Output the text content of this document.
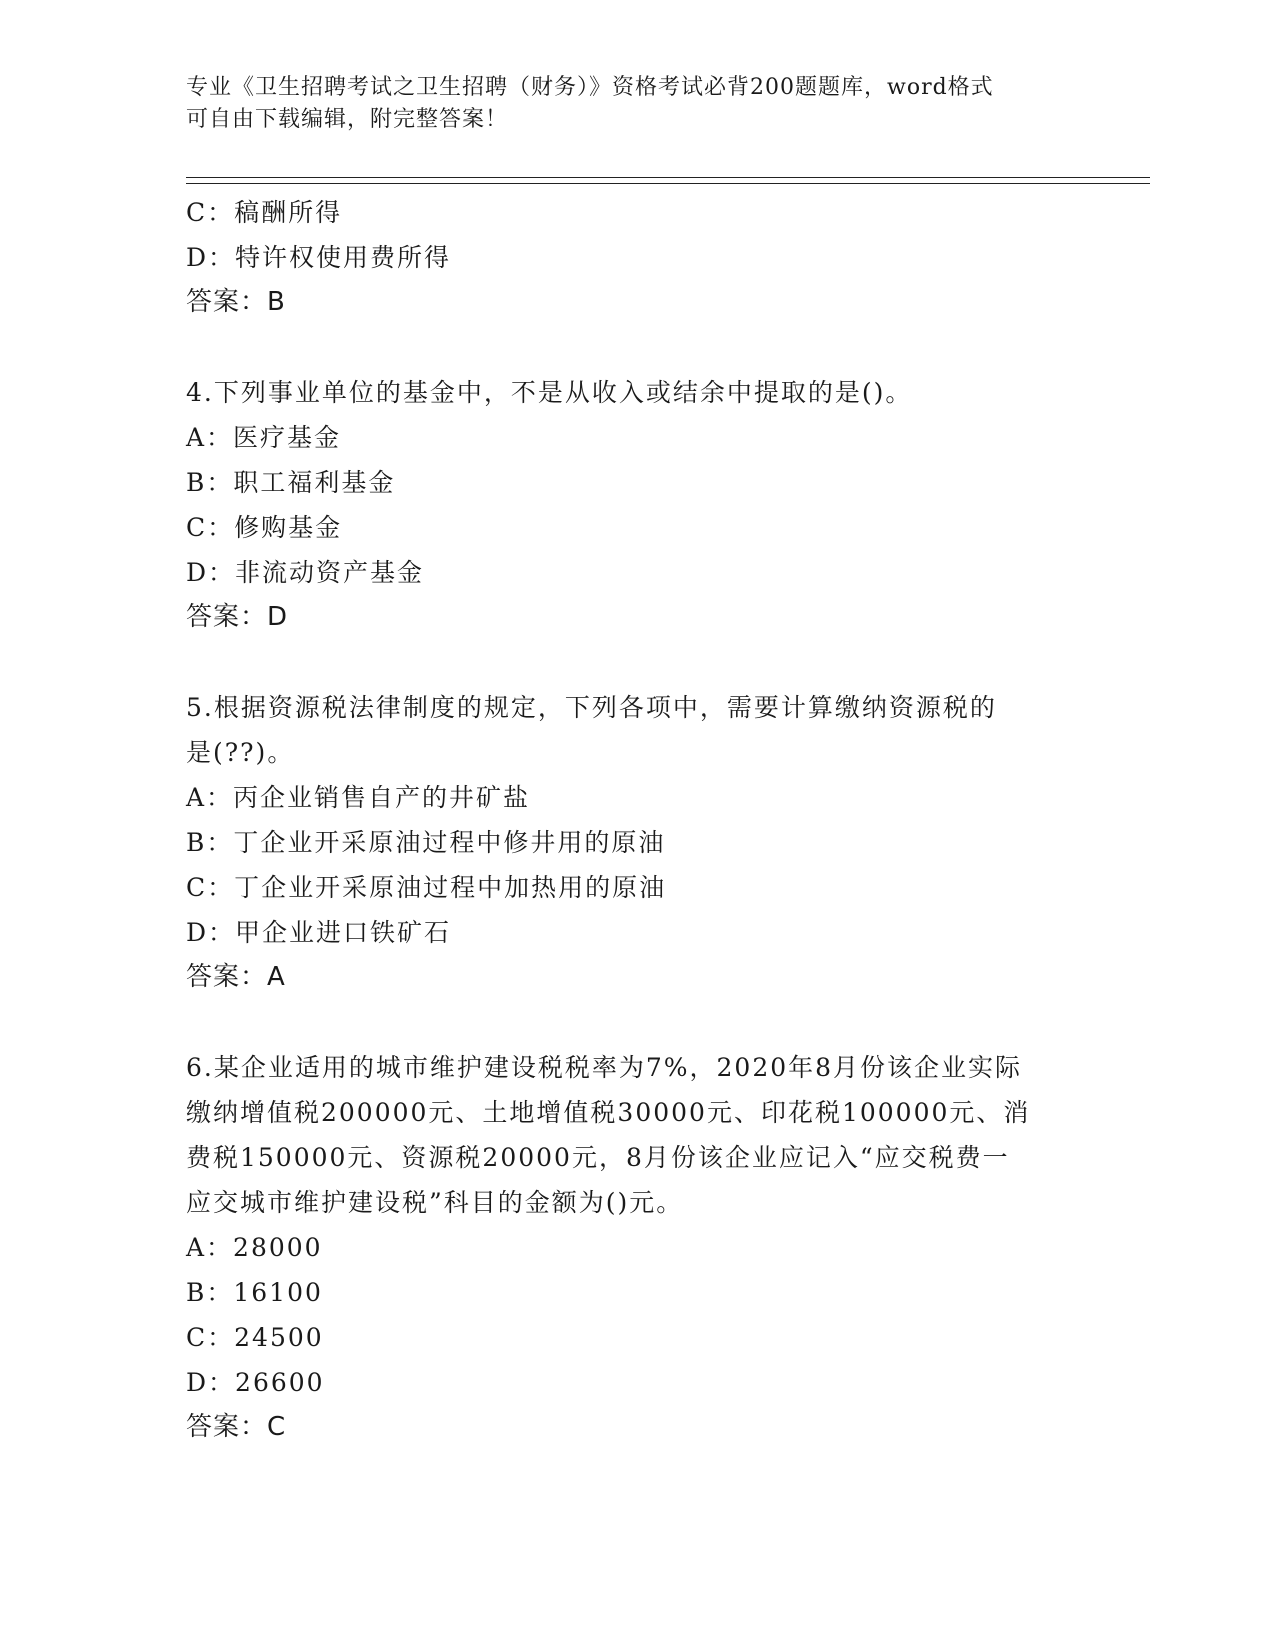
专业《卫生招聘考试之卫生招聘（财务）》资格考试必背200题题库，word格式
可自由下载编辑，附完整答案！
C：稿酬所得
D：特许权使用费所得
答案：B
4.下列事业单位的基金中，不是从收入或结余中提取的是()。
A：医疗基金
B：职工福利基金
C：修购基金
D：非流动资产基金
答案：D
5.根据资源税法律制度的规定，下列各项中，需要计算缴纳资源税的
是(??)。
A：丙企业销售自产的井矿盐
B：丁企业开采原油过程中修井用的原油
C：丁企业开采原油过程中加热用的原油
D：甲企业进口铁矿石
答案：A
6.某企业适用的城市维护建设税税率为7%，2020年8月份该企业实际
缴纳增值税200000元、土地增值税30000元、印花税100000元、消
费税150000元、资源税20000元，8月份该企业应记入“应交税费一
应交城市维护建设税”科目的金额为()元。
A：28000
B：16100
C：24500
D：26600
答案：C
